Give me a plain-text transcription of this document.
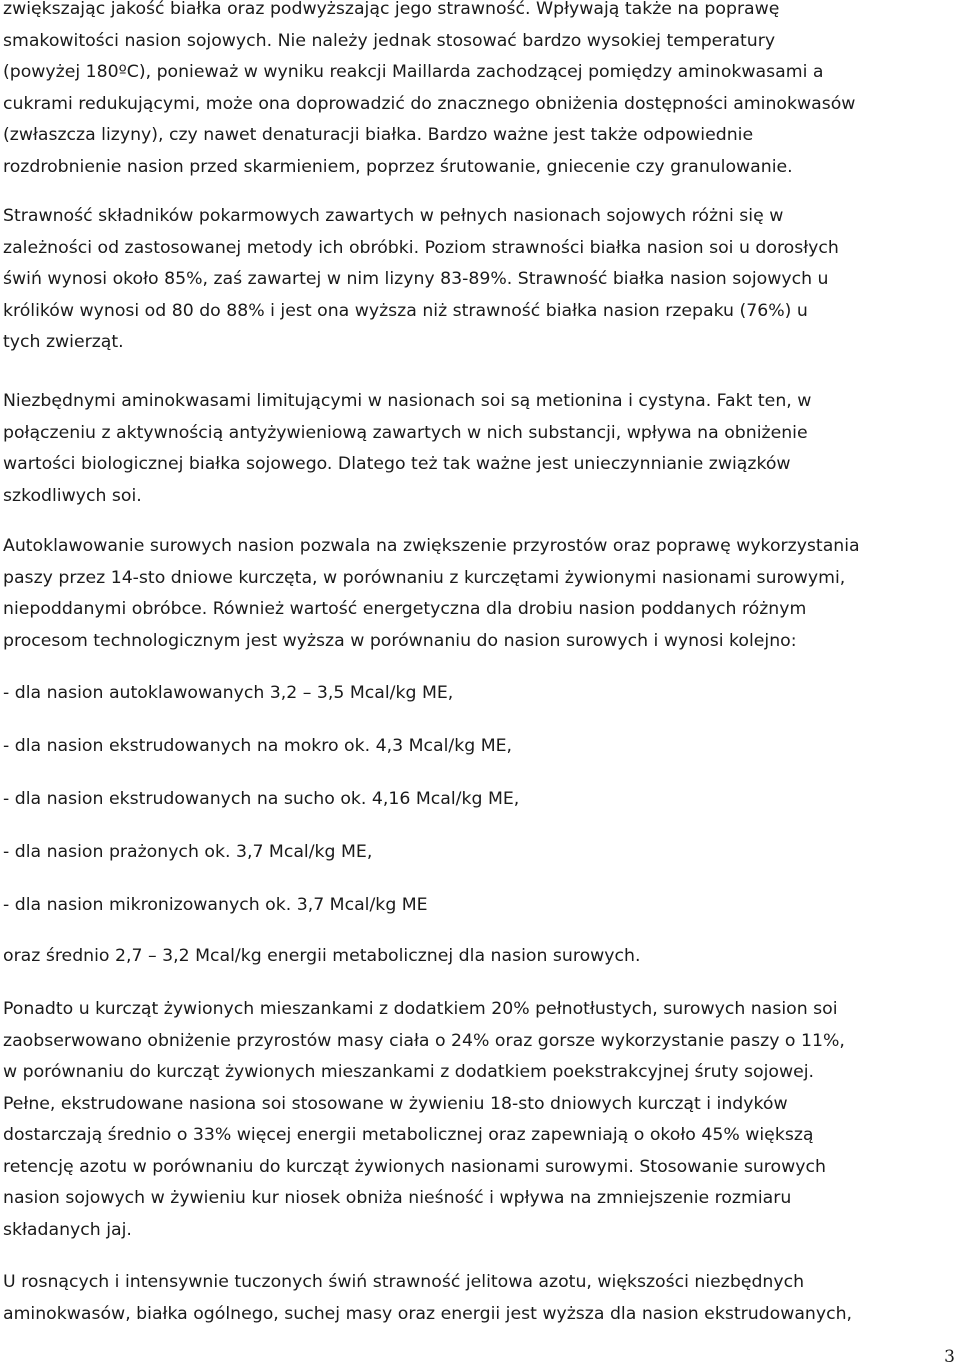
zwiększając jakość białka oraz podwyższając jego strawność. Wpływają także na poprawę
smakowitości nasion sojowych. Nie należy jednak stosować bardzo wysokiej temperatury
(powyżej 180ºC), ponieważ w wyniku reakcji Maillarda zachodzącej pomiędzy aminokwasami a
cukrami redukującymi, może ona doprowadzić do znacznego obniżenia dostępności aminokwasów
(zwłaszcza lizyny), czy nawet denaturacji białka. Bardzo ważne jest także odpowiednie
rozdrobnienie nasion przed skarmieniem, poprzez śrutowanie, gniecenie czy granulowanie.

Strawność składników pokarmowych zawartych w pełnych nasionach sojowych różni się w
zależności od zastosowanej metody ich obróbki. Poziom strawności białka nasion soi u dorosłych
świń wynosi około 85%, zaś zawartej w nim lizyny 83-89%. Strawność białka nasion sojowych u
królików wynosi od 80 do 88% i jest ona wyższa niż strawność białka nasion rzepaku (76%) u
tych zwierząt.

Niezbędnymi aminokwasami limitującymi w nasionach soi są metionina i cystyna. Fakt ten, w
połączeniu z aktywnością antyżywieniową zawartych w nich substancji, wpływa na obniżenie
wartości biologicznej białka sojowego. Dlatego też tak ważne jest unieczynnianie związków
szkodliwych soi.

Autoklawowanie surowych nasion pozwala na zwiększenie przyrostów oraz poprawę wykorzystania
paszy przez 14-sto dniowe kurczęta, w porównaniu z kurczętami żywionymi nasionami surowymi,
niepoddanymi obróbce. Również wartość energetyczna dla drobiu nasion poddanych różnym
procesom technologicznym jest wyższa w porównaniu do nasion surowych i wynosi kolejno:

- dla nasion autoklawowanych 3,2 – 3,5 Mcal/kg ME,

- dla nasion ekstrudowanych na mokro ok. 4,3 Mcal/kg ME,

- dla nasion ekstrudowanych na sucho ok. 4,16 Mcal/kg ME,

- dla nasion prażonych ok. 3,7 Mcal/kg ME,

- dla nasion mikronizowanych ok. 3,7 Mcal/kg ME

oraz średnio 2,7 – 3,2 Mcal/kg energii metabolicznej dla nasion surowych.

Ponadto u kurcząt żywionych mieszankami z dodatkiem 20% pełnotłustych, surowych nasion soi
zaobserwowano obniżenie przyrostów masy ciała o 24% oraz gorsze wykorzystanie paszy o 11%,
w porównaniu do kurcząt żywionych mieszankami z dodatkiem poekstrakcyjnej śruty sojowej.
Pełne, ekstrudowane nasiona soi stosowane w żywieniu 18-sto dniowych kurcząt i indyków
dostarczają średnio o 33% więcej energii metabolicznej oraz zapewniają o około 45% większą
retencję azotu w porównaniu do kurcząt żywionych nasionami surowymi. Stosowanie surowych
nasion sojowych w żywieniu kur niosek obniża nieśność i wpływa na zmniejszenie rozmiaru
składanych jaj.

U rosnących i intensywnie tuczonych świń strawność jelitowa azotu, większości niezbędnych
aminokwasów, białka ogólnego, suchej masy oraz energii jest wyższa dla nasion ekstrudowanych,

3
